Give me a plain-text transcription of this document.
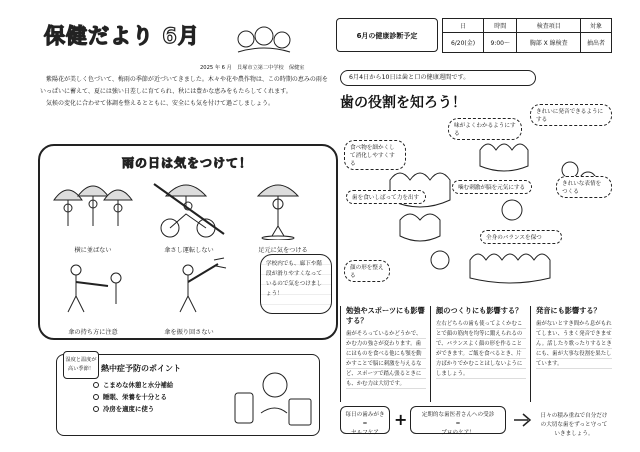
保健だより 6月
2025 年 6 月　貝塚市立第二中学校　保健室

紫陽花が美しく色づいて、梅雨の季節が近づいてきました。木々や花や農作物は、この時期の恵みの雨をいっぱいに蓄えて、夏には強い日差しに育てられ、秋には豊かな恵みをもたらしてくれます。

気候の変化に合わせて体調を整えるとともに、安全にも気を付けて過ごしましょう。

雨の日は気をつけて！
横に並ばない	傘さし運転しない	足元に気をつける
傘の持ち方に注意	傘を振り回さない

学校内でも、廊下や階段が滑りやすくなっているので気をつけましょう！

湿度と温度が高い季節！ 熱中症予防のポイント
こまめな休憩と水分補給
睡眠、栄養を十分とる
冷房を適度に使う
6月の健康診断予定
日	時間	検査項目	対象
6/20(金)	9:00～	胸部 X 線検査	抽出者
6月4日から10日は歯と口の健康週間です。
歯の役割を知ろう！
食べ物を細かくして消化しやすくする
味がよくわかるようにする
きれいに発音できるようにする
歯を食いしばって力を出す
顔の形を整える
きれいな表情をつくる
全身のバランスを保つ
噛む刺激が脳を元気にする
勉強やスポーツにも影響する？

歯がそろっているかどうかで、かむ力の強さが変わります。歯にはものを食べる他にも顎を動かすことで脳に刺激を与えるなど、スポーツで踏ん張るときにも、かむ力は大切です。

顔のつくりにも影響する？

左右どちらの歯も使ってよくかむことで顔の筋肉を均等に鍛えられるので、バランスよく顔の形を作ることができます。ご飯を食べるとき、片方ばかりでかむことはしないようにしましょう。

発音にも影響する？

歯がないとすき間から息がもれてしまい、うまく発音できません。話したり歌ったりするときにも、歯が大事な役割を果たしています。

毎日の歯みがき
=
セルフケア
+	定期的な歯医者さんへの受診
=
プロのケア！
日々の積み重ねで自分だけの大切な歯をずっと守っていきましょう。
